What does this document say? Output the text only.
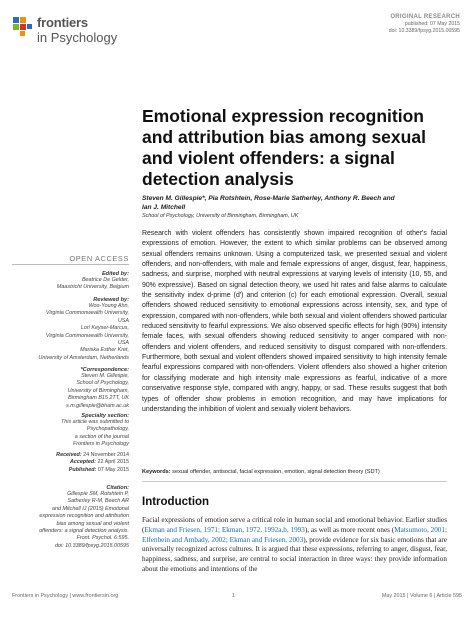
frontiers
in Psychology
ORIGINAL RESEARCH
published: 07 May 2015
doi: 10.3389/fpsyg.2015.00595
Emotional expression recognition and attribution bias among sexual and violent offenders: a signal detection analysis
Steven M. Gillespie*, Pia Rotshtein, Rose-Marie Satherley, Anthony R. Beech and
Ian J. Mitchell
School of Psychology, University of Birmingham, Birmingham, UK
Research with violent offenders has consistently shown impaired recognition of other's facial expressions of emotion. However, the extent to which similar problems can be observed among sexual offenders remains unknown. Using a computerized task, we presented sexual and violent offenders, and non-offenders, with male and female expressions of anger, disgust, fear, happiness, sadness, and surprise, morphed with neutral expressions at varying levels of intensity (10, 55, and 90% expressive). Based on signal detection theory, we used hit rates and false alarms to calculate the sensitivity index d-prime (d′) and criterion (c) for each emotional expression. Overall, sexual offenders showed reduced sensitivity to emotional expressions across intensity, sex, and type of expression, compared with non-offenders, while both sexual and violent offenders showed particular reduced sensitivity to fearful expressions. We also observed specific effects for high (90%) intensity female faces, with sexual offenders showing reduced sensitivity to anger compared with non-offenders and violent offenders, and reduced sensitivity to disgust compared with non-offenders. Furthermore, both sexual and violent offenders showed impaired sensitivity to high intensity female fearful expressions compared with non-offenders. Violent offenders also showed a higher criterion for classifying moderate and high intensity male expressions as fearful, indicative of a more conservative response style, compared with angry, happy, or sad. These results suggest that both types of offender show problems in emotion recognition, and may have implications for understanding the inhibition of violent and sexually violent behaviors.
Keywords: sexual offender, antisocial, facial expression, emotion, signal detection theory (SDT)
Introduction
Facial expressions of emotion serve a critical role in human social and emotional behavior. Earlier studies (Ekman and Friesen, 1971; Ekman, 1972, 1992a,b, 1993), as well as more recent ones (Matsumoto, 2001; Elfenbein and Ambady, 2002; Ekman and Friesen, 2003), provide evidence for six basic emotions that are universally recognized across cultures. It is argued that these expressions, referring to anger, disgust, fear, happiness, sadness, and surprise, are central to social interaction in three ways: they provide information about the emotions and intentions of the
OPEN ACCESS
Edited by:
Beatrice De Gelder,
Maastricht University, Belgium
Reviewed by:
Woo-Young Ahn,
Virginia Commonwealth University,
USA
Lori Keyser-Marcus,
Virginia Commonwealth University,
USA
Mariska Esther Kret,
University of Amsterdam, Netherlands
*Correspondence:
Steven M. Gillespie,
School of Psychology,
University of Birmingham,
Birmingham B15 2TT, UK
s.m.gillespie@bham.ac.uk
Specialty section:
This article was submitted to
Psychopathology,
a section of the journal
Frontiers in Psychology
Received: 24 November 2014
Accepted: 22 April 2015
Published: 07 May 2015
Citation:
Gillespie SM, Rotshtein P,
Satherley R-M, Beech AR
and Mitchell IJ (2015) Emotional
expression recognition and attribution
bias among sexual and violent
offenders: a signal detection analysis.
Front. Psychol. 6:595.
doi: 10.3389/fpsyg.2015.00595
Frontiers in Psychology | www.frontiersin.org	1	May 2015 | Volume 6 | Article 595
